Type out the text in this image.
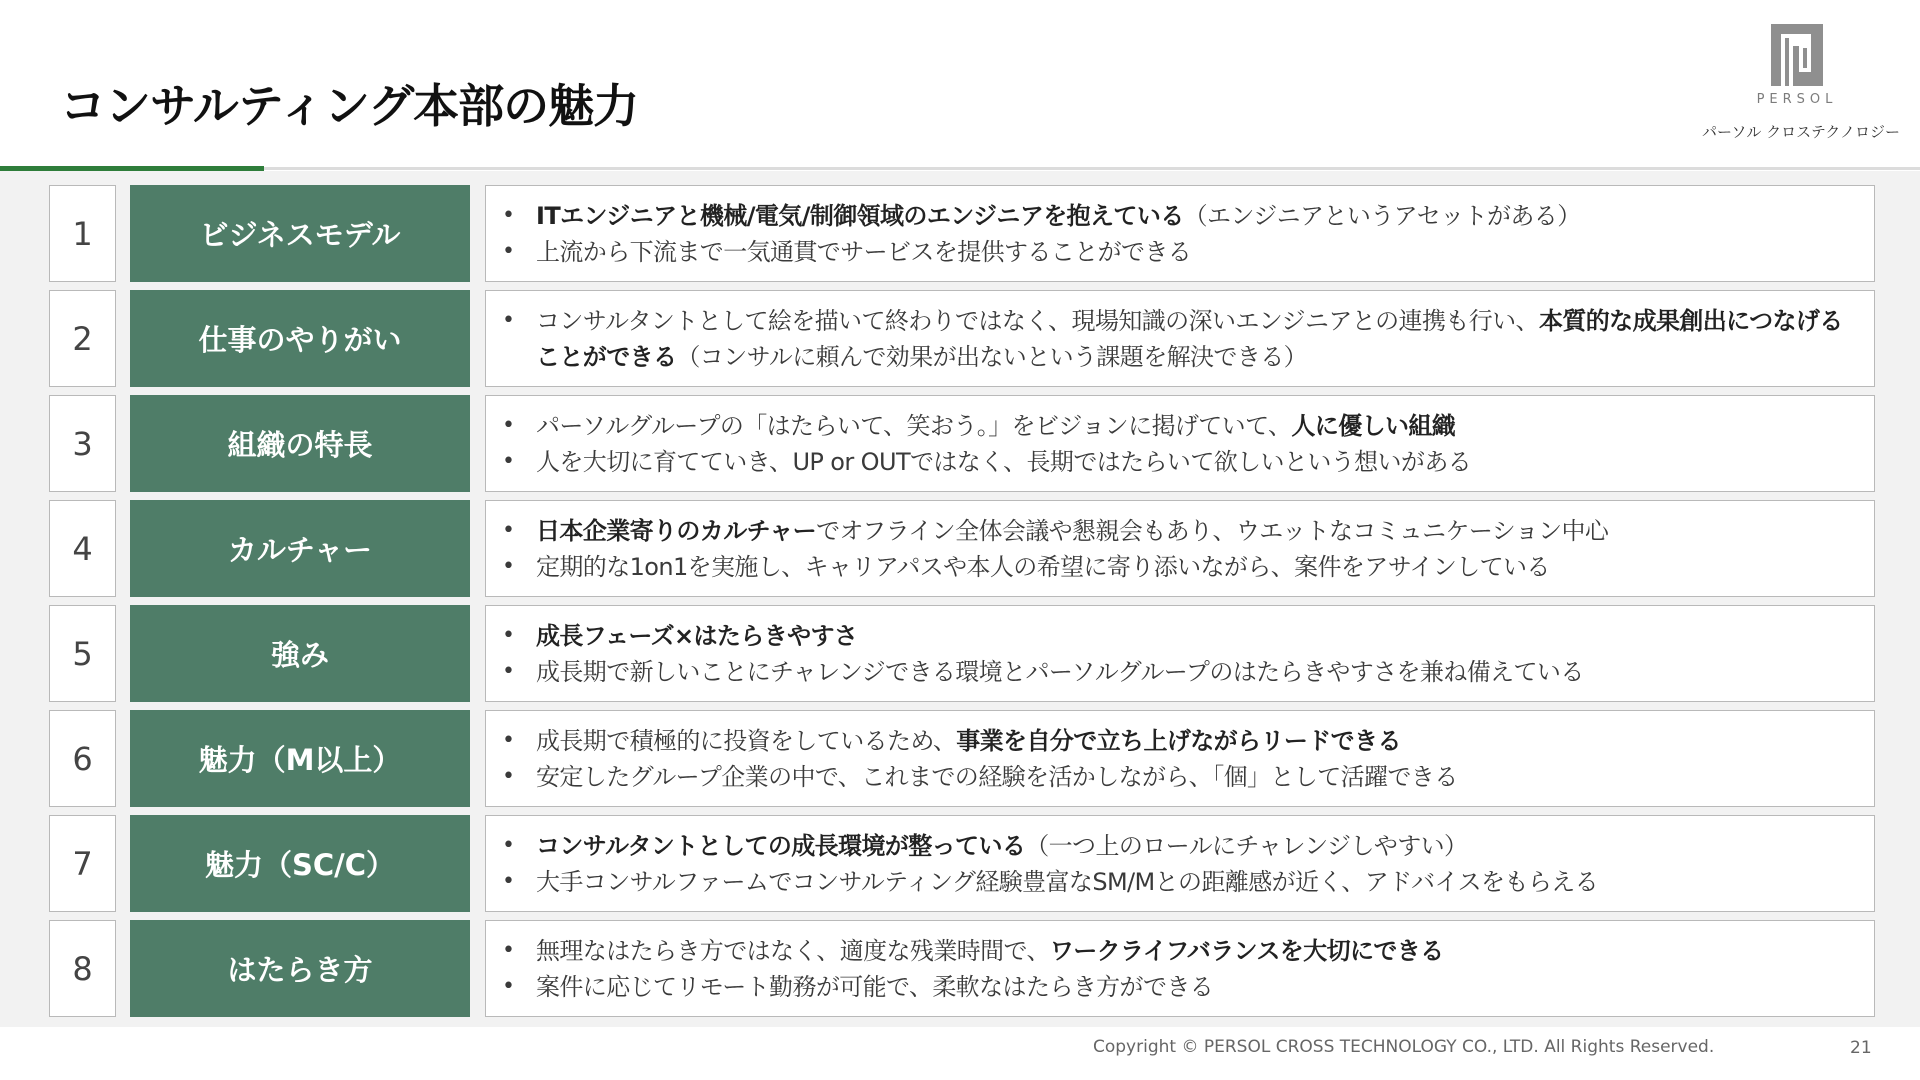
コンサルティング本部の魅力	PERSOL
パーソル クロステクノロジー
1	ビジネスモデル
• ITエンジニアと機械/電気/制御領域のエンジニアを抱えている（エンジニアというアセットがある）
• 上流から下流まで一気通貫でサービスを提供することができる
2	仕事のやりがい
• コンサルタントとして絵を描いて終わりではなく、現場知識の深いエンジニアとの連携も行い、本質的な成果創出につなげる
ことができる（コンサルに頼んで効果が出ないという課題を解決できる）
3	組織の特長
• パーソルグループの「はたらいて、笑おう。」をビジョンに掲げていて、人に優しい組織
• 人を大切に育てていき、UP or OUTではなく、長期ではたらいて欲しいという想いがある
4	カルチャー
• 日本企業寄りのカルチャーでオフライン全体会議や懇親会もあり、ウエットなコミュニケーション中心
• 定期的な1on1を実施し、キャリアパスや本人の希望に寄り添いながら、案件をアサインしている
5	強み
• 成長フェーズ×はたらきやすさ
• 成長期で新しいことにチャレンジできる環境とパーソルグループのはたらきやすさを兼ね備えている
6	魅力（M以上）
• 成長期で積極的に投資をしているため、事業を自分で立ち上げながらリードできる
• 安定したグループ企業の中で、これまでの経験を活かしながら、「個」として活躍できる
7	魅力（SC/C）
• コンサルタントとしての成長環境が整っている（一つ上のロールにチャレンジしやすい）
• 大手コンサルファームでコンサルティング経験豊富なSM/Mとの距離感が近く、アドバイスをもらえる
8	はたらき方
• 無理なはたらき方ではなく、適度な残業時間で、ワークライフバランスを大切にできる
• 案件に応じてリモート勤務が可能で、柔軟なはたらき方ができる
Copyright © PERSOL CROSS TECHNOLOGY CO., LTD. All Rights Reserved.	21
